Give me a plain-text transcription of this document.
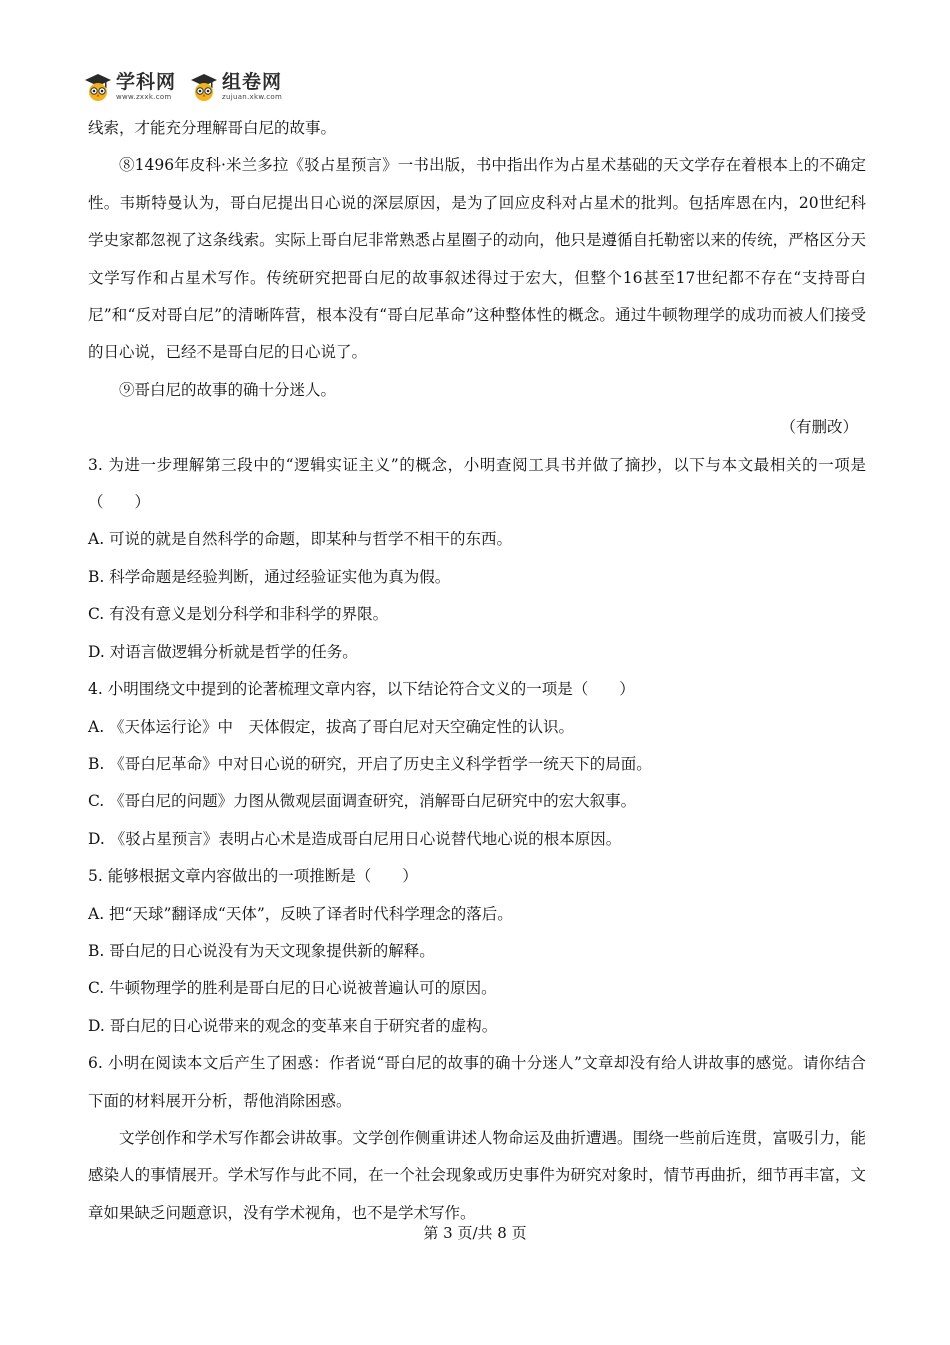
学科网
www.zxxk.com
组卷网
zujuan.xkw.com

线索，才能充分理解哥白尼的故事。

⑧1496年皮科·米兰多拉《驳占星预言》一书出版，书中指出作为占星术基础的天文学存在着根本上的不确定性。韦斯特曼认为，哥白尼提出日心说的深层原因，是为了回应皮科对占星术的批判。包括库恩在内，20世纪科学史家都忽视了这条线索。实际上哥白尼非常熟悉占星圈子的动向，他只是遵循自托勒密以来的传统，严格区分天文学写作和占星术写作。传统研究把哥白尼的故事叙述得过于宏大，但整个16甚至17世纪都不存在“支持哥白尼”和“反对哥白尼”的清晰阵营，根本没有“哥白尼革命”这种整体性的概念。通过牛顿物理学的成功而被人们接受的日心说，已经不是哥白尼的日心说了。

⑨哥白尼的故事的确十分迷人。

（有删改）

3. 为进一步理解第三段中的“逻辑实证主义”的概念，小明查阅工具书并做了摘抄，以下与本文最相关的一项是（　　）

A. 可说的就是自然科学的命题，即某种与哲学不相干的东西。

B. 科学命题是经验判断，通过经验证实他为真为假。

C. 有没有意义是划分科学和非科学的界限。

D. 对语言做逻辑分析就是哲学的任务。

4. 小明围绕文中提到的论著梳理文章内容，以下结论符合文义的一项是（　　）

A. 《天体运行论》中　天体假定，拔高了哥白尼对天空确定性的认识。

B. 《哥白尼革命》中对日心说的研究，开启了历史主义科学哲学一统天下的局面。

C. 《哥白尼的问题》力图从微观层面调查研究，消解哥白尼研究中的宏大叙事。

D. 《驳占星预言》表明占心术是造成哥白尼用日心说替代地心说的根本原因。

5. 能够根据文章内容做出的一项推断是（　　）

A. 把“天球”翻译成“天体”，反映了译者时代科学理念的落后。

B. 哥白尼的日心说没有为天文现象提供新的解释。

C. 牛顿物理学的胜利是哥白尼的日心说被普遍认可的原因。

D. 哥白尼的日心说带来的观念的变革来自于研究者的虚构。

6. 小明在阅读本文后产生了困惑：作者说“哥白尼的故事的确十分迷人”文章却没有给人讲故事的感觉。请你结合下面的材料展开分析，帮他消除困惑。

文学创作和学术写作都会讲故事。文学创作侧重讲述人物命运及曲折遭遇。围绕一些前后连贯，富吸引力，能感染人的事情展开。学术写作与此不同，在一个社会现象或历史事件为研究对象时，情节再曲折，细节再丰富，文章如果缺乏问题意识，没有学术视角，也不是学术写作。

第 3 页/共 8 页
